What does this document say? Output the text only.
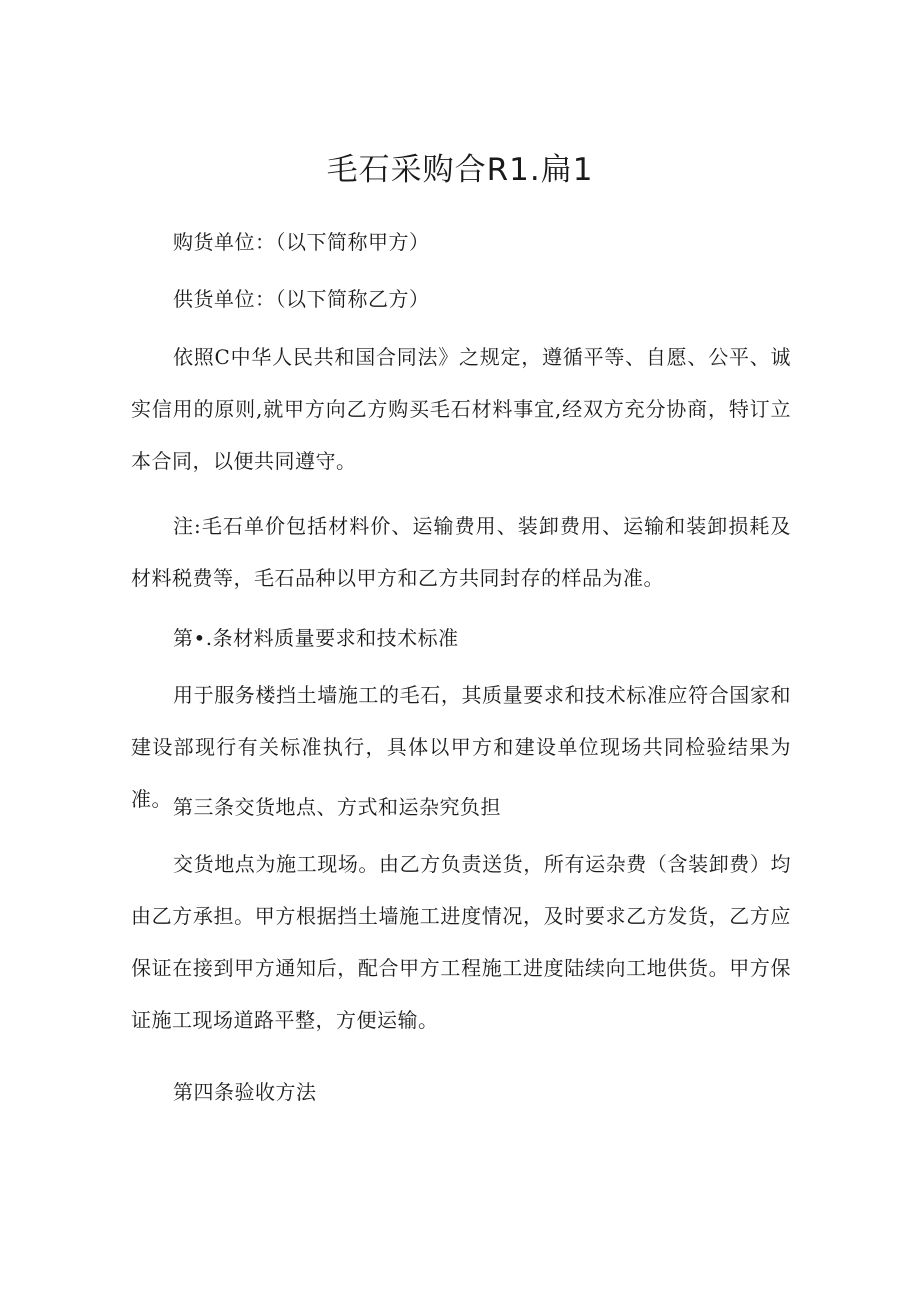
毛石采购合R1.扁1

购货单位：（以下简称甲方）

供货单位：（以下简称乙方）

依照C中华人民共和国合同法》之规定，遵循平等、自愿、公平、诚实信用的原则,就甲方向乙方购买毛石材料事宜,经双方充分协商，特订立本合同，以便共同遵守。

注:毛石单价包括材料价、运输费用、装卸费用、运输和装卸损耗及材料税费等，毛石品种以甲方和乙方共同封存的样品为准。

第•.条材料质量要求和技术标准

用于服务楼挡土墙施工的毛石，其质量要求和技术标准应符合国家和建设部现行有关标准执行，具体以甲方和建设单位现场共同检验结果为准。 第三条交货地点、方式和运杂究负担

交货地点为施工现场。由乙方负责送货，所有运杂费（含装卸费）均由乙方承担。甲方根据挡土墙施工进度情况，及时要求乙方发货，乙方应保证在接到甲方通知后，配合甲方工程施工进度陆续向工地供货。甲方保证施工现场道路平整，方便运输。

第四条验收方法
